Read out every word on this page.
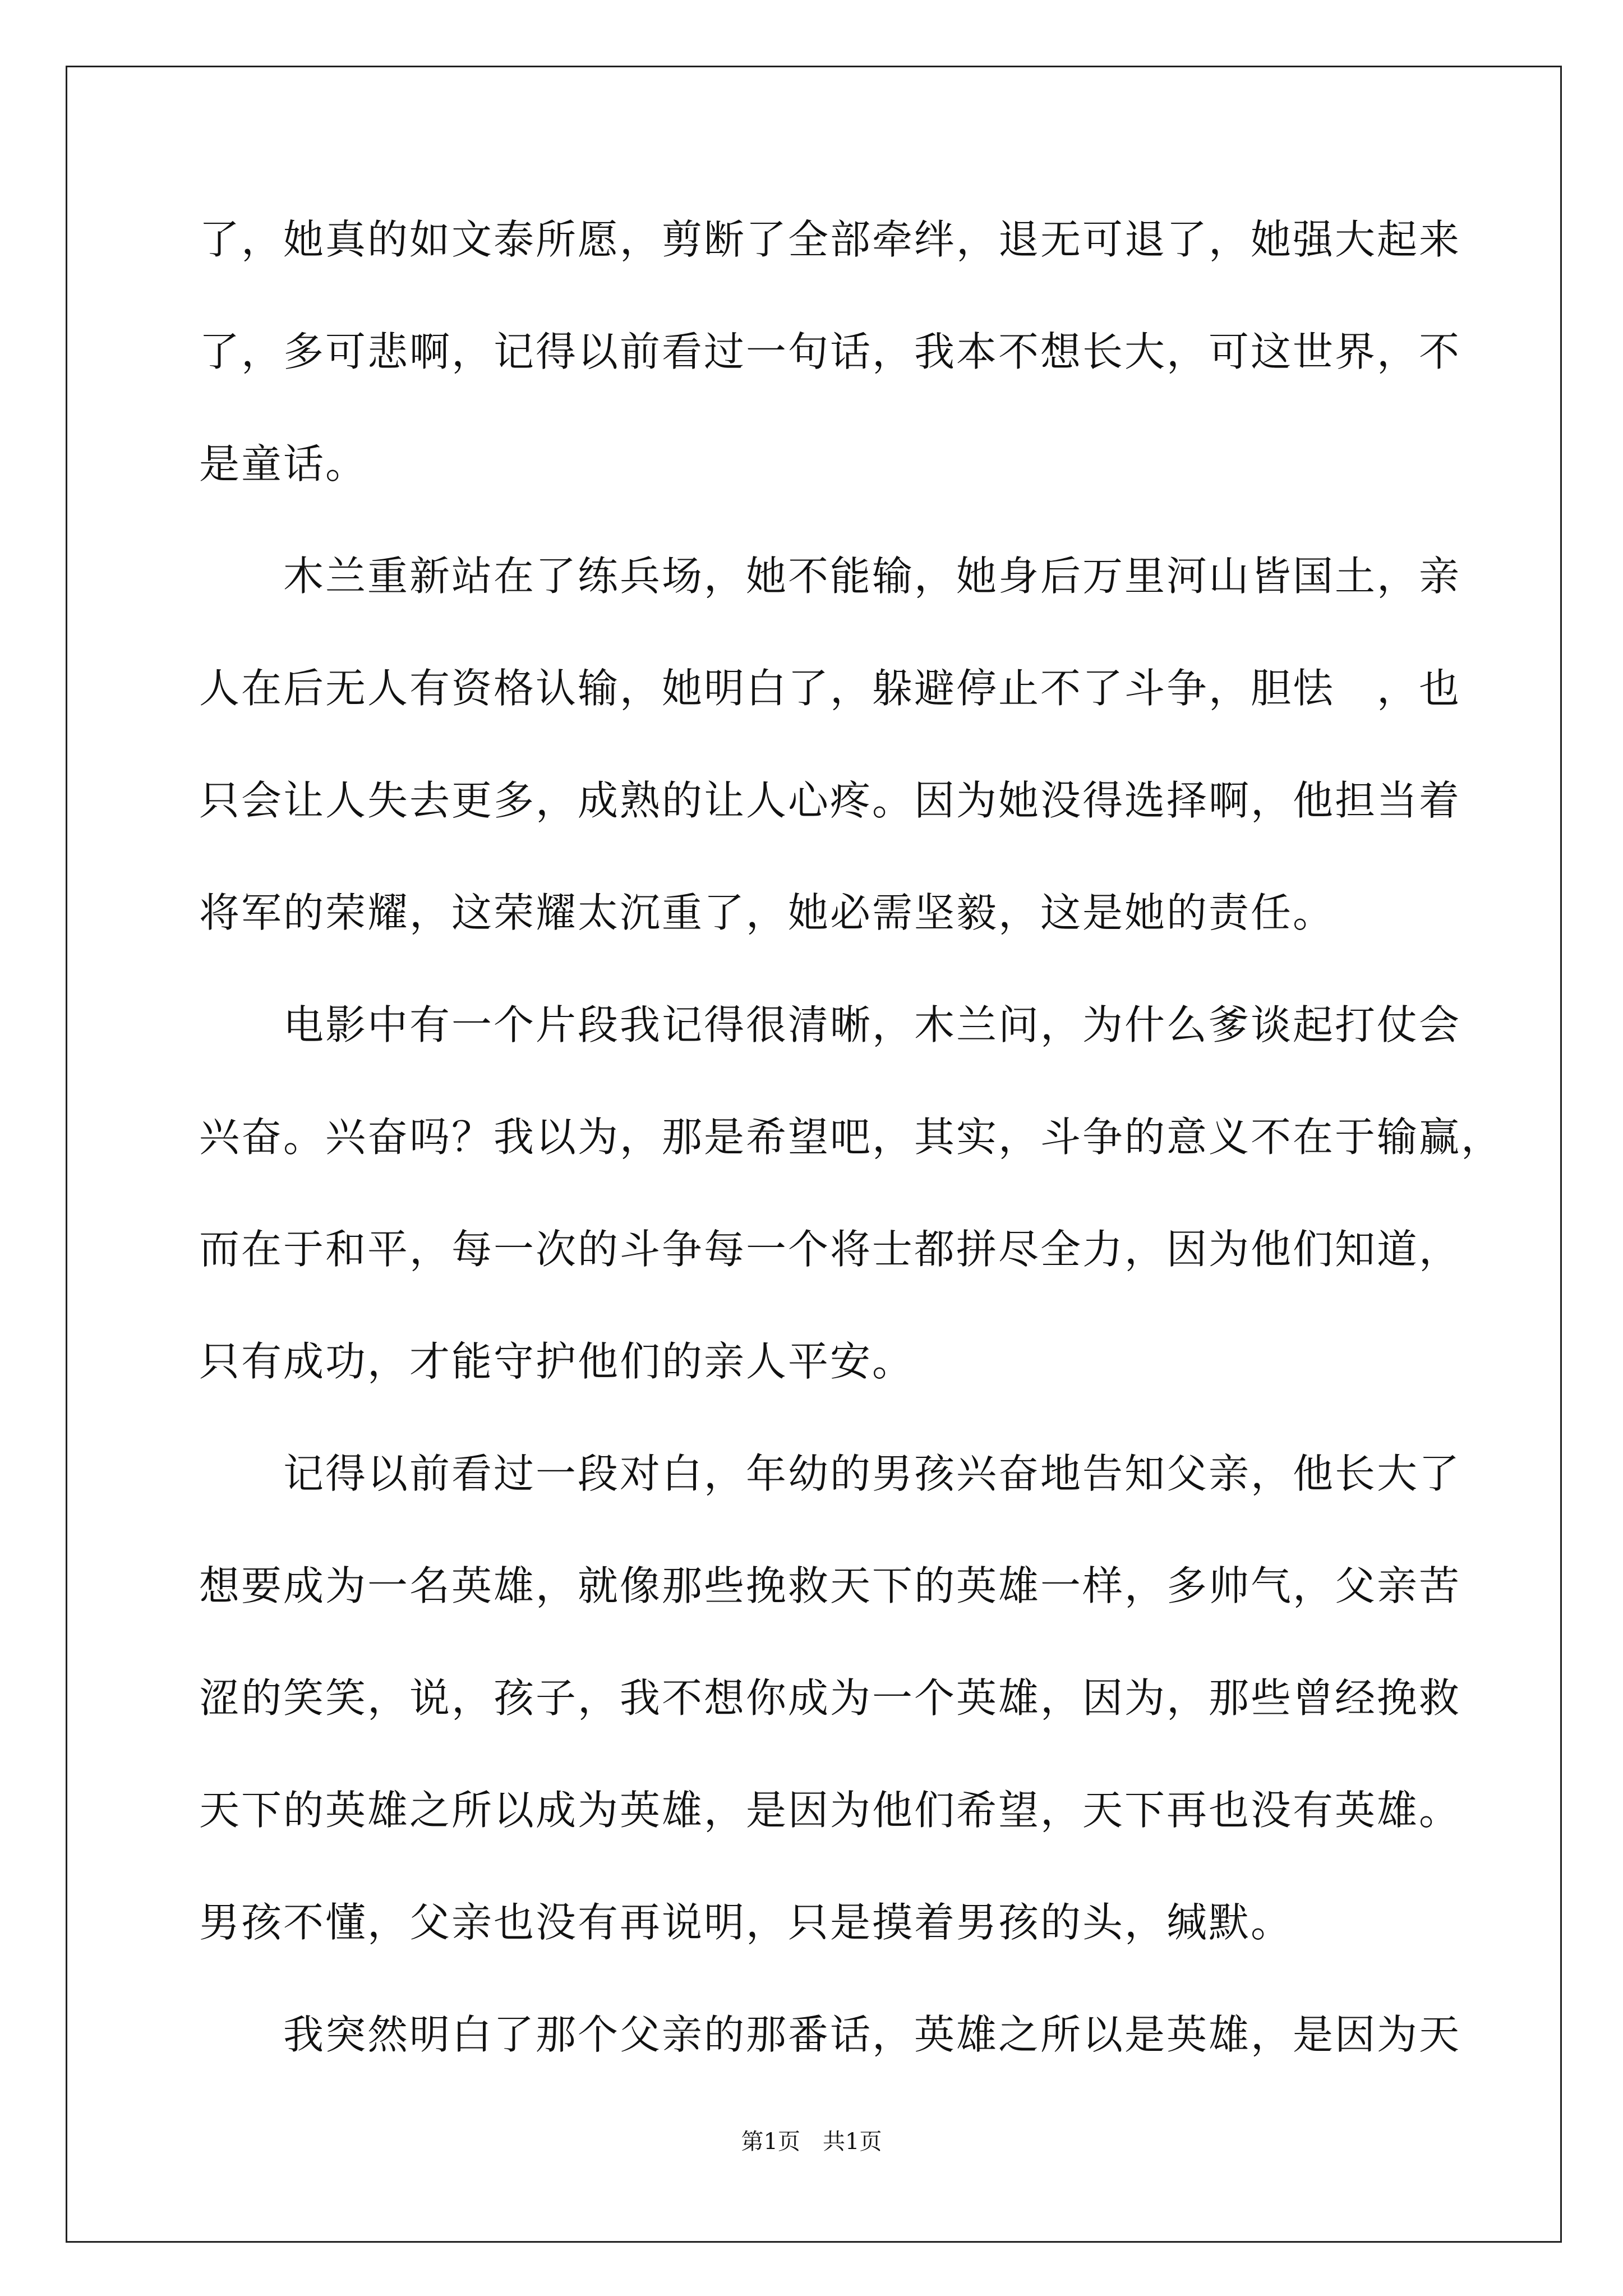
了，她真的如文泰所愿，剪断了全部牵绊，退无可退了，她强大起来
了，多可悲啊，记得以前看过一句话，我本不想长大，可这世界，不
是童话。
　　木兰重新站在了练兵场，她不能输，她身后万里河山皆国土，亲
人在后无人有资格认输，她明白了，躲避停止不了斗争，胆怯　，也
只会让人失去更多，成熟的让人心疼。因为她没得选择啊，他担当着
将军的荣耀，这荣耀太沉重了，她必需坚毅，这是她的责任。
　　电影中有一个片段我记得很清晰，木兰问，为什么爹谈起打仗会
兴奋。兴奋吗？我以为，那是希望吧，其实，斗争的意义不在于输赢，
而在于和平，每一次的斗争每一个将士都拼尽全力，因为他们知道，
只有成功，才能守护他们的亲人平安。
　　记得以前看过一段对白，年幼的男孩兴奋地告知父亲，他长大了
想要成为一名英雄，就像那些挽救天下的英雄一样，多帅气，父亲苦
涩的笑笑，说，孩子，我不想你成为一个英雄，因为，那些曾经挽救
天下的英雄之所以成为英雄，是因为他们希望，天下再也没有英雄。
男孩不懂，父亲也没有再说明，只是摸着男孩的头，缄默。
　　我突然明白了那个父亲的那番话，英雄之所以是英雄，是因为天
第1页　共1页
